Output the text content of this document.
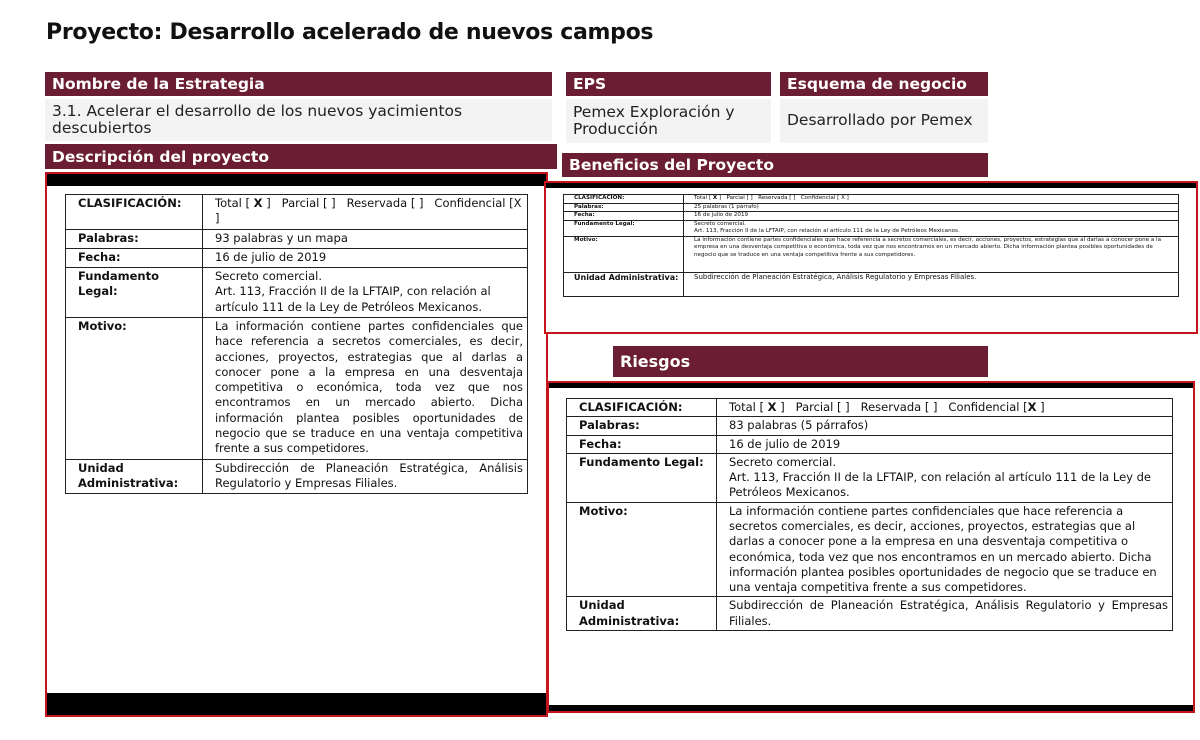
Proyecto: Desarrollo acelerado de nuevos campos
Nombre de la Estrategia
3.1. Acelerar el desarrollo de los nuevos yacimientos descubiertos
EPS
Pemex Exploración y
Producción
Esquema de negocio
Desarrollado por Pemex
Descripción del proyecto	Beneficios del Proyecto
CLASIFICACIÓN:	Total [ X ] Parcial [ ] Reservada [ ] Confidencial [X
]
Palabras:	93 palabras y un mapa
Fecha:	16 de julio de 2019
Fundamento Legal:	Secreto comercial.
Art. 113, Fracción II de la LFTAIP, con relación al artículo 111 de la Ley de Petróleos Mexicanos.

Motivo:	La información contiene partes confidenciales que hace referencia a secretos comerciales, es decir, acciones, proyectos, estrategias que al darlas a conocer pone a la empresa en una desventaja competitiva o económica, toda vez que nos encontramos en un mercado abierto. Dicha información plantea posibles oportunidades de negocio que se traduce en una ventaja competitiva frente a sus competidores.
Unidad Administrativa:	Subdirección de Planeación Estratégica, Análisis Regulatorio y Empresas Filiales.
CLASIFICACIÓN:	Total [ X ] Parcial [ ] Reservada [ ] Confidencial [ X ]
Palabras:	25 palabras (1 párrafo)
Fecha:	16 de julio de 2019
Fundamento Legal:	Secreto comercial.
Art. 113, Fracción II de la LFTAIP, con relación al artículo 111 de la Ley de Petróleos Mexicanos.

Motivo:	La información contiene partes confidenciales que hace referencia a secretos comerciales, es decir, acciones, proyectos, estrategias que al darlas a conocer pone a la empresa en una desventaja competitiva o económica, toda vez que nos encontramos en un mercado abierto. Dicha información plantea posibles oportunidades de negocio que se traduce en una ventaja competitiva frente a sus competidores.
Unidad Administrativa:	Subdirección de Planeación Estratégica, Análisis Regulatorio y Empresas Filiales.
Riesgos
CLASIFICACIÓN:	Total [ X ] Parcial [ ] Reservada [ ] Confidencial [X ]
Palabras:	83 palabras (5 párrafos)
Fecha:	16 de julio de 2019
Fundamento Legal:	Secreto comercial.
Art. 113, Fracción II de la LFTAIP, con relación al artículo 111 de la Ley de Petróleos Mexicanos.

Motivo:	La información contiene partes confidenciales que hace referencia a secretos comerciales, es decir, acciones, proyectos, estrategias que al darlas a conocer pone a la empresa en una desventaja competitiva o económica, toda vez que nos encontramos en un mercado abierto. Dicha información plantea posibles oportunidades de negocio que se traduce en una ventaja competitiva frente a sus competidores.
Unidad Administrativa:	Subdirección de Planeación Estratégica, Análisis Regulatorio y Empresas Filiales.
